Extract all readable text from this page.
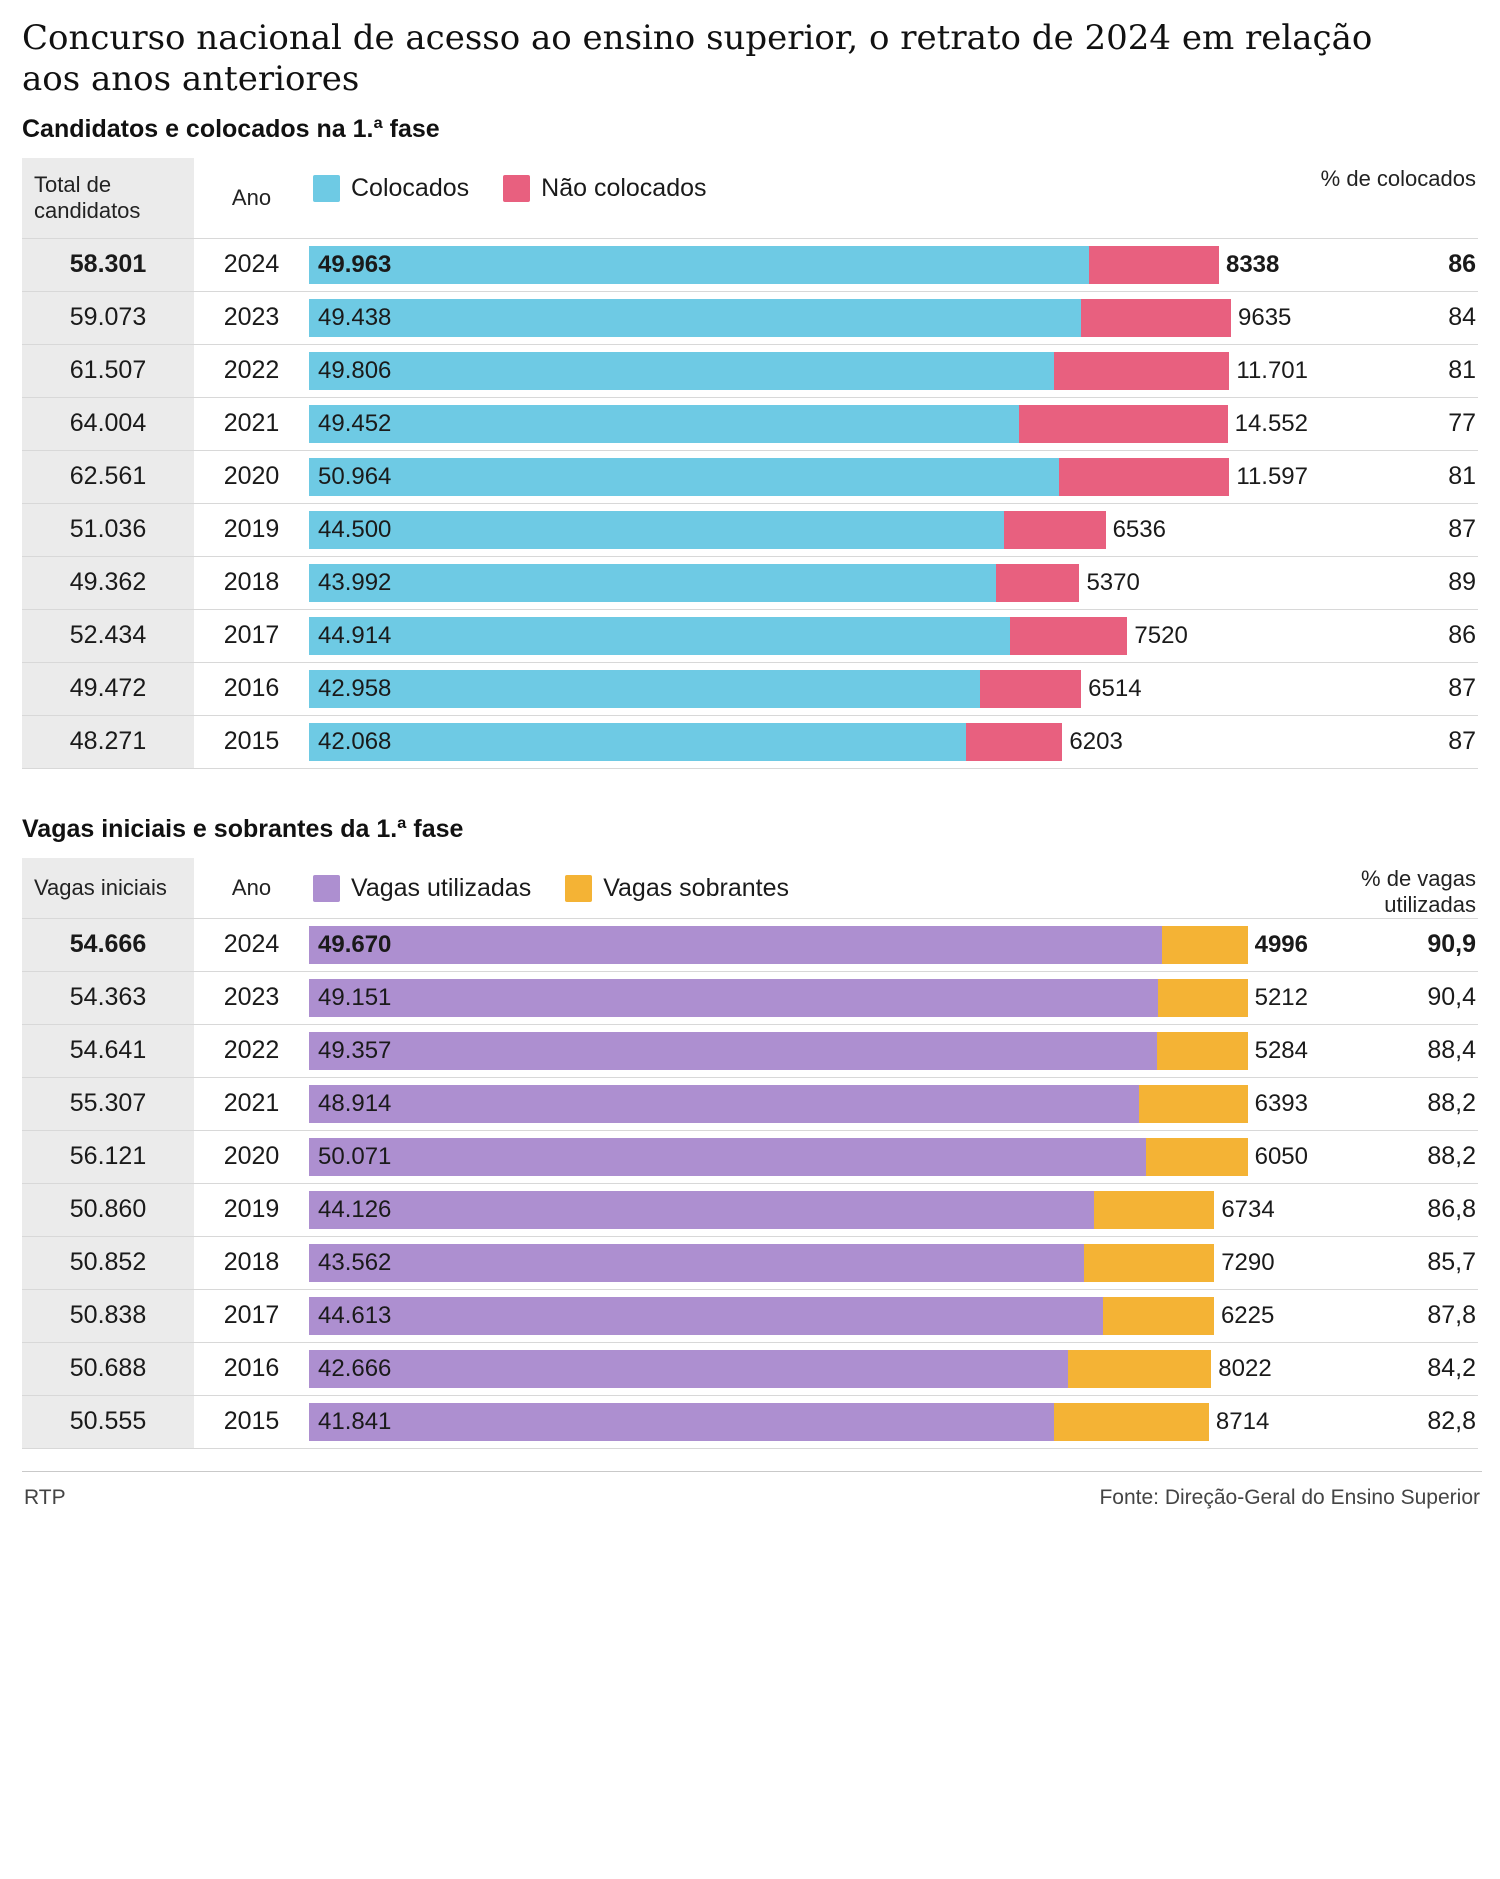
Concurso nacional de acesso ao ensino superior, o retrato de 2024 em relação aos anos anteriores
Candidatos e colocados na 1.ª fase
Total de candidatos
Ano	Colocados	Não colocados	% de colocados
58.301	2024	49.963	8338	86
59.073	2023	49.438	9635	84
61.507	2022	49.806	11.701	81
64.004	2021	49.452	14.552	77
62.561	2020	50.964	11.597	81
51.036	2019	44.500	6536	87
49.362	2018	43.992	5370	89
52.434	2017	44.914	7520	86
49.472	2016	42.958	6514	87
48.271	2015	42.068	6203	87
Vagas iniciais e sobrantes da 1.ª fase
Vagas iniciais	Ano	Vagas utilizadas	Vagas sobrantes	% de vagas utilizadas
54.666	2024	49.670	4996	90,9
54.363	2023	49.151	5212	90,4
54.641	2022	49.357	5284	88,4
55.307	2021	48.914	6393	88,2
56.121	2020	50.071	6050	88,2
50.860	2019	44.126	6734	86,8
50.852	2018	43.562	7290	85,7
50.838	2017	44.613	6225	87,8
50.688	2016	42.666	8022	84,2
50.555	2015	41.841	8714	82,8
RTP	Fonte: Direção-Geral do Ensino Superior
